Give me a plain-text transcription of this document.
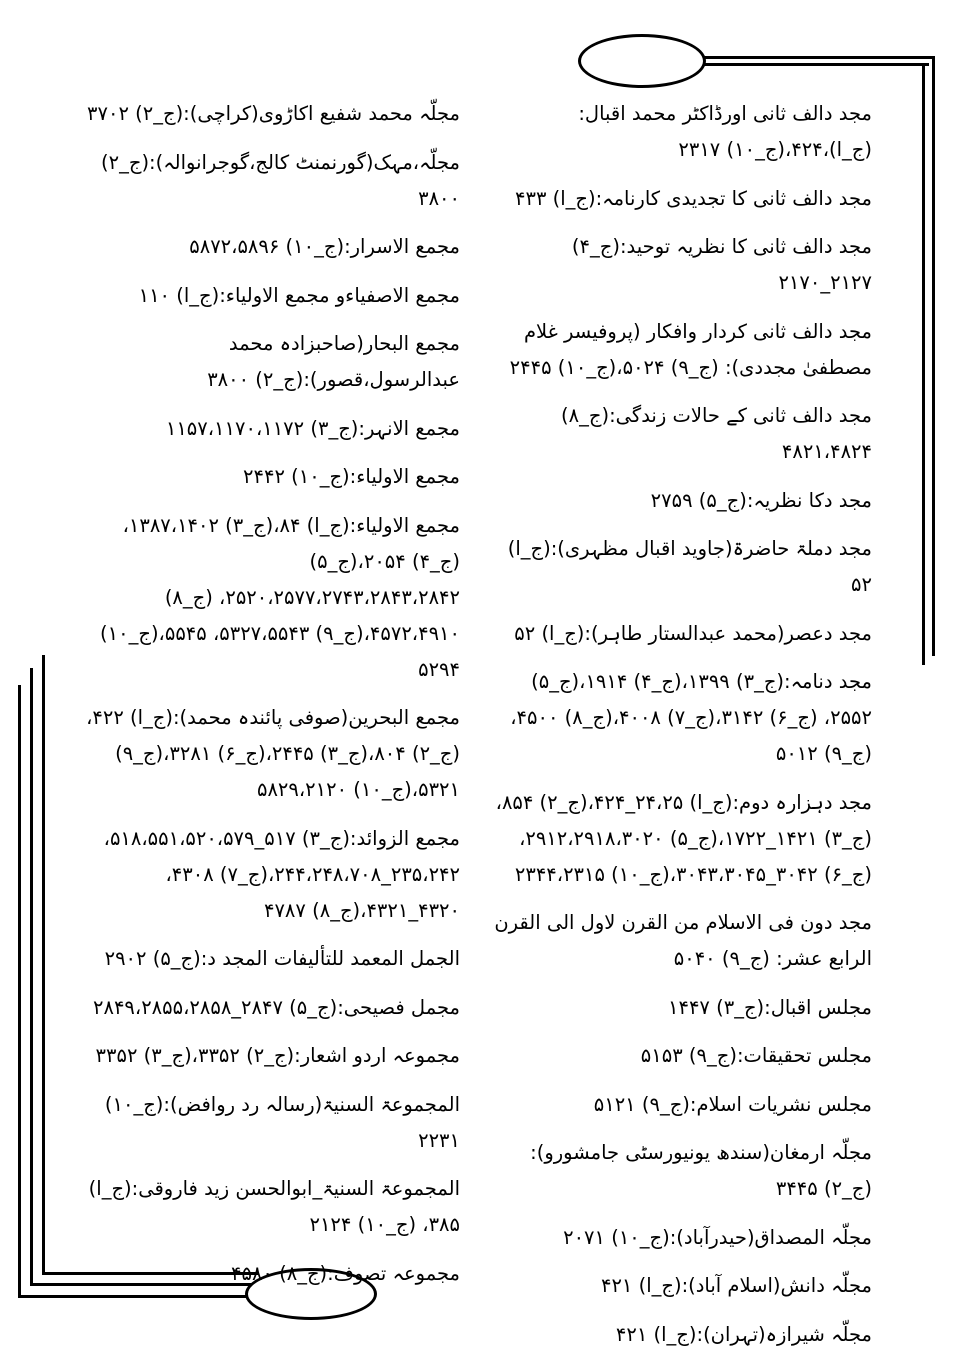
مجد دالف ثانی اورڈاکٹر محمد اقبال:(ج_ا)،۴۲۴،(ج_۱۰) ۲۳۱۷
مجد دالف ثانی کا تجدیدی کارنامہ:(ج_ا) ۴۳۳
مجد دالف ثانی کا نظریہ توحید:(ج_۴) ۲۱۲۷_۲۱۷۰
مجد دالف ثانی کردار وافکار (پروفیسر غلام مصطفیٰ مجددی): (ج_۹) ۵۰۲۴،(ج_۱۰) ۲۴۴۵
مجد دالف ثانی کے حالات زندگی:(ج_۸) ۴۸۲۱،۴۸۲۴
مجد دکا نظریہ:(ج_۵) ۲۷۵۹
مجد دملۃ حاضرۃ(جاوید اقبال مظہری):(ج_ا) ۵۲
مجد دعصر(محمد عبدالستار طاہر):(ج_ا) ۵۲
مجد دنامہ:(ج_۳) ۱۳۹۹،(ج_۴) ۱۹۱۴،(ج_۵) ۲۵۵۲، (ج_۶) ۳۱۴۲،(ج_۷) ۴۰۰۸،(ج_۸) ۴۵۰۰،(ج_۹) ۵۰۱۲
مجد دہزارہ دوم:(ج_ا) ۲۴،۲۵_۴۲۴،(ج_۲) ۸۵۴، (ج_۳) ۱۴۲۱_۱۷۲۲،(ج_۵) ۲۹۱۲،۲۹۱۸،۳۰۲۰، (ج_۶) ۳۰۴۲_۳۰۴۳،۳۰۴۵،(ج_۱۰) ۲۳۴۴،۲۳۱۵
مجد دون فی الاسلام من القرن لاول الی القرن الرابع عشر: (ج_۹) ۵۰۴۰
مجلس اقبال:(ج_۳) ۱۴۴۷
مجلس تحقیقات:(ج_۹) ۵۱۵۳
مجلس نشریات اسلام:(ج_۹) ۵۱۲۱
مجلّہ ارمغان(سندھ یونیورسٹی جامشورو):(ج_۲) ۳۴۴۵
مجلّہ المصداق(حیدرآباد):(ج_۱۰) ۲۰۷۱
مجلّہ دانش(اسلام آباد):(ج_ا) ۴۲۱
مجلّہ شیرازہ(تہران):(ج_ا) ۴۲۱
مجلّہ محمد شفیع اکاڑوی(کراچی):(ج_۲) ۳۷۰۲
مجلّہ،مہک(گورنمنٹ کالج،گوجرانوالہ):(ج_۲) ۳۸۰۰
مجمع الاسرار:(ج_۱۰) ۵۸۷۲،۵۸۹۶
مجمع الاصفیاءو مجمع الاولیاء:(ج_ا) ۱۱۰
مجمع البحار(صاحبزادہ محمد عبدالرسول،قصور):(ج_۲) ۳۸۰۰
مجمع الانہر:(ج_۳) ۱۱۵۷،۱۱۷۰،۱۱۷۲
مجمع الاولیاء:(ج_۱۰) ۲۴۴۲
مجمع الاولیاء:(ج_ا) ۸۴،(ج_۳) ۱۳۸۷،۱۴۰۲،(ج_۴) ۲۰۵۴،(ج_۵) ۲۵۲۰،۲۵۷۷،۲۷۴۳،۲۸۴۳،۲۸۴۲، (ج_۸) ۴۵۷۲،۴۹۱۰،(ج_۹) ۵۳۲۷،۵۵۴۳، ۵۵۴۵،(ج_۱۰) ۵۲۹۴
مجمع البحرین(صوفی پائندہ محمد):(ج_ا) ۴۲۲،(ج_۲) ۸۰۴،(ج_۳) ۲۴۴۵،(ج_۶) ۳۲۸۱،(ج_۹) ۵۳۲۱،(ج_۱۰) ۵۸۲۹،۲۱۲۰
مجمع الزوائد:(ج_۳) ۵۱۷_۵۱۸،۵۵۱،۵۲۰،۵۷۹، ۲۳۵،۲۴۲_۲۴۴،۲۴۸،۷۰۸،(ج_۷) ۴۳۰۸، ۴۳۲۰_۴۳۲۱،(ج_۸) ۴۷۸۷
الجمل المعمد للتألیفات المجد د:(ج_۵) ۲۹۰۲
مجمل فصیحی:(ج_۵) ۲۸۴۷_۲۸۴۹،۲۸۵۵،۲۸۵۸
مجموعہ اردو اشعار:(ج_۲) ۳۳۵۲،(ج_۳) ۳۳۵۲
المجموعۃ السنیۃ(رسالہ رد روافض):(ج_۱۰) ۲۲۳۱
المجموعۃ السنیۃ_ابوالحسن زید فاروقی:(ج_ا) ۳۸۵، (ج_۱۰) ۲۱۲۴
مجموعہ تصوف:(ج_۸) ۴۵۸۰
